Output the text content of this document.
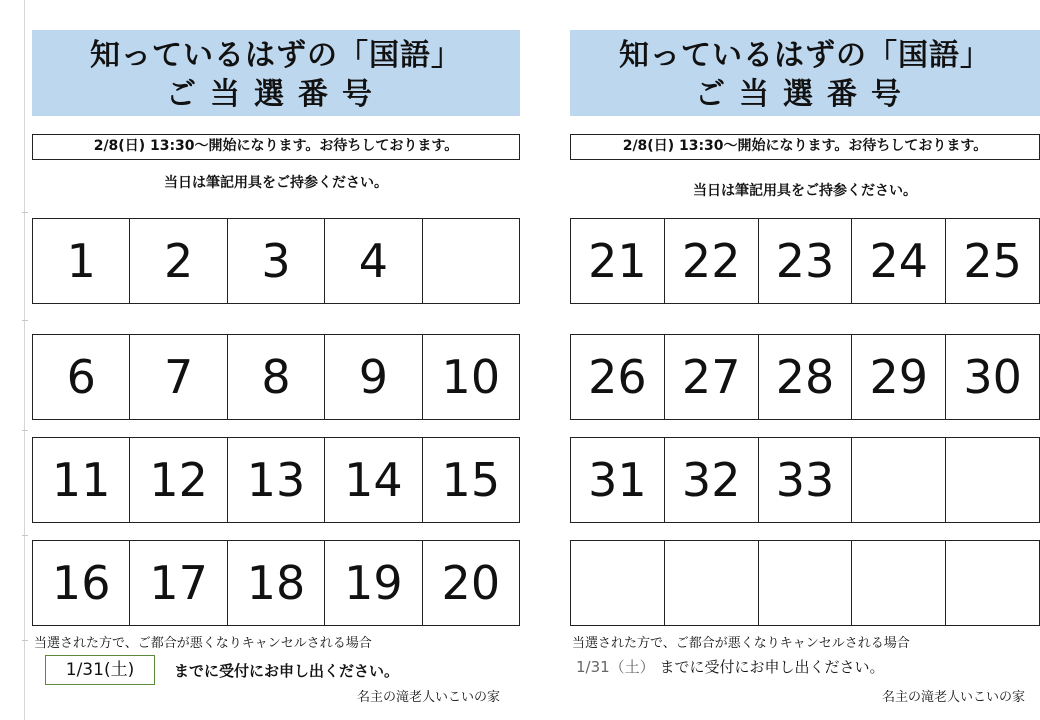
知っているはずの「国語」
ご当選番号
2/8(日) 13:30～開始になります。お待ちしております。
当日は筆記用具をご持参ください。
1	2	3	4
6	7	8	9	10
11 12 13 14 15
16 17 18 19 20
当選された方で、ご都合が悪くなりキャンセルされる場合
1/31(土)	までに受付にお申し出ください。
名主の滝老人いこいの家
知っているはずの「国語」
ご当選番号
2/8(日) 13:30～開始になります。お待ちしております。
当日は筆記用具をご持参ください。
21 22 23 24 25
26 27 28 29 30
31 32 33
当選された方で、ご都合が悪くなりキャンセルされる場合
1/31（土） までに受付にお申し出ください。
名主の滝老人いこいの家
